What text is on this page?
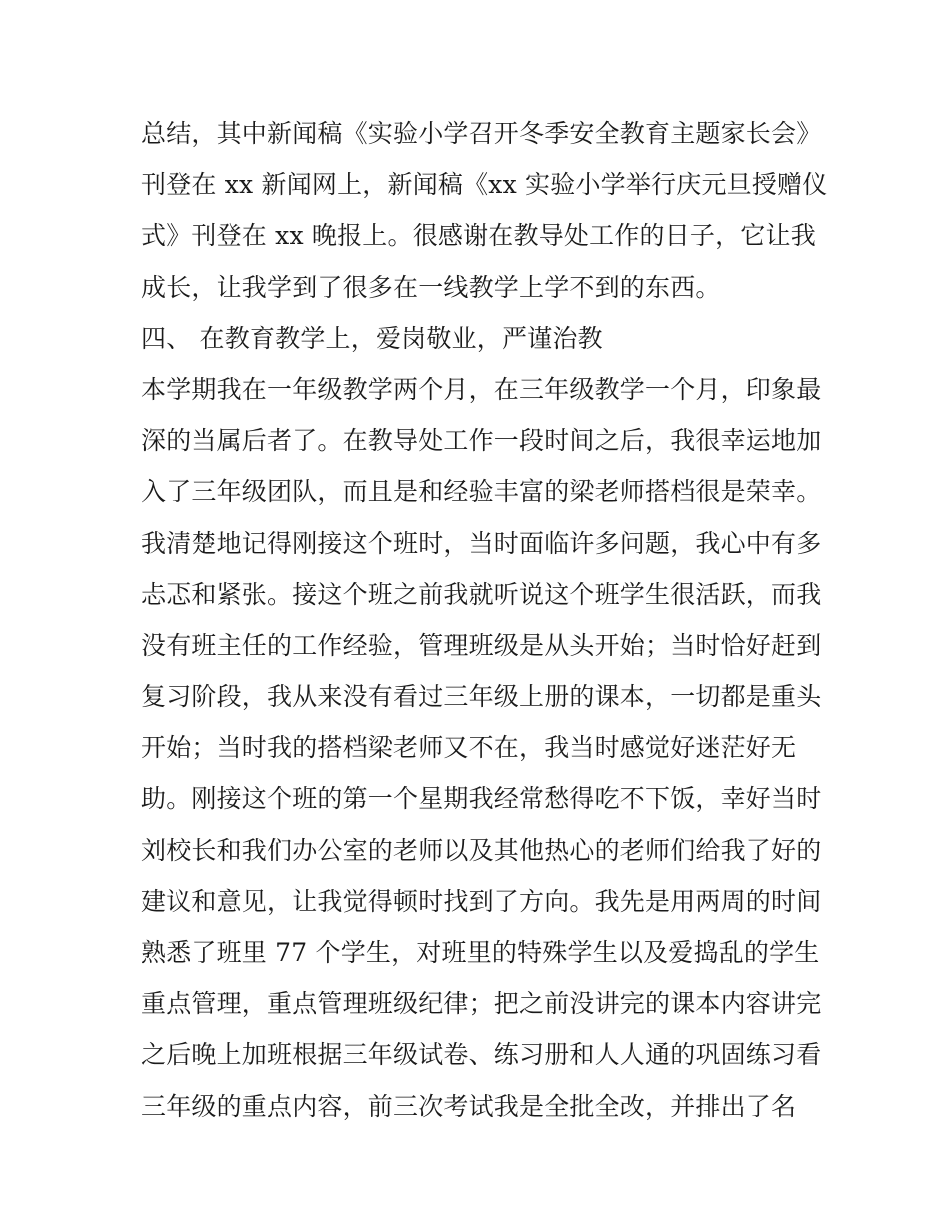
总结，其中新闻稿《实验小学召开冬季安全教育主题家长会》
刊登在 xx 新闻网上，新闻稿《xx 实验小学举行庆元旦授赠仪
式》刊登在 xx 晚报上。很感谢在教导处工作的日子，它让我
成长，让我学到了很多在一线教学上学不到的东西。
四、 在教育教学上，爱岗敬业，严谨治教
本学期我在一年级教学两个月，在三年级教学一个月，印象最
深的当属后者了。在教导处工作一段时间之后，我很幸运地加
入了三年级团队，而且是和经验丰富的梁老师搭档很是荣幸。
我清楚地记得刚接这个班时，当时面临许多问题，我心中有多
忐忑和紧张。接这个班之前我就听说这个班学生很活跃，而我
没有班主任的工作经验，管理班级是从头开始；当时恰好赶到
复习阶段，我从来没有看过三年级上册的课本，一切都是重头
开始；当时我的搭档梁老师又不在，我当时感觉好迷茫好无
助。刚接这个班的第一个星期我经常愁得吃不下饭，幸好当时
刘校长和我们办公室的老师以及其他热心的老师们给我了好的
建议和意见，让我觉得顿时找到了方向。我先是用两周的时间
熟悉了班里 77 个学生，对班里的特殊学生以及爱捣乱的学生
重点管理，重点管理班级纪律；把之前没讲完的课本内容讲完
之后晚上加班根据三年级试卷、练习册和人人通的巩固练习看
三年级的重点内容，前三次考试我是全批全改，并排出了名
